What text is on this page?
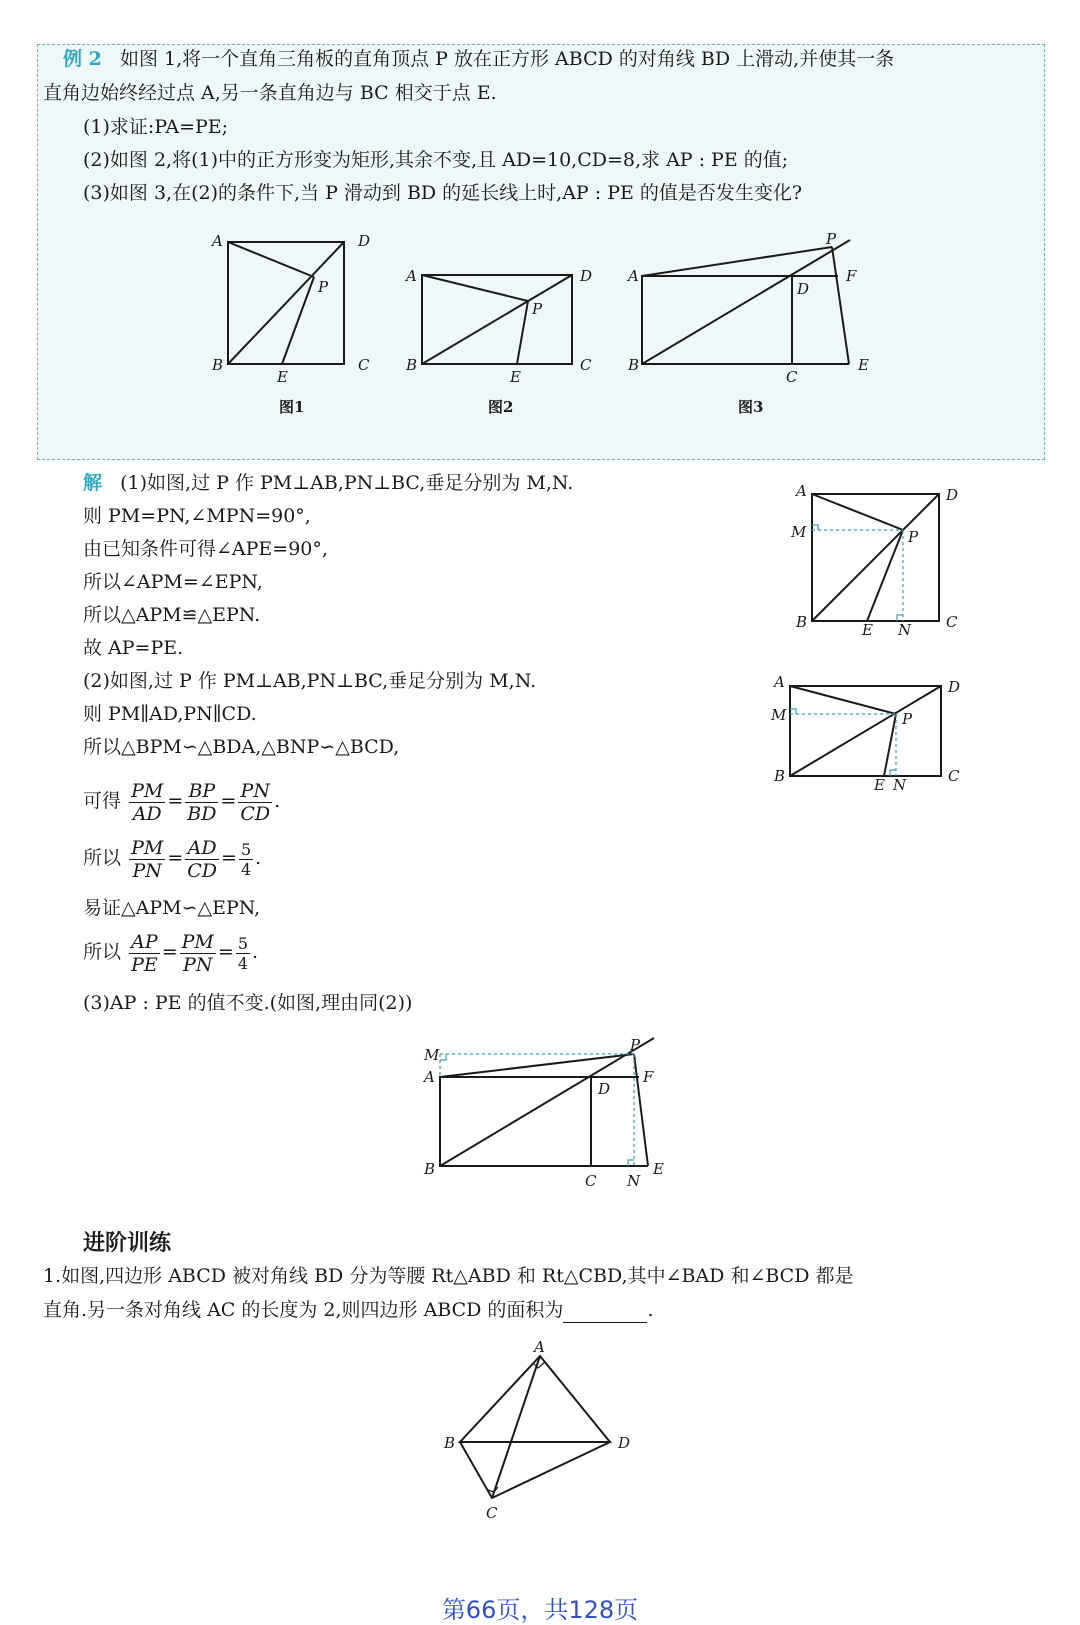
例 2 如图 1,将一个直角三角板的直角顶点 P 放在正方形 ABCD 的对角线 BD 上滑动,并使其一条
直角边始终经过点 A,另一条直角边与 BC 相交于点 E.
(1)求证:PA=PE;
(2)如图 2,将(1)中的正方形变为矩形,其余不变,且 AD=10,CD=8,求 AP : PE 的值;
(3)如图 3,在(2)的条件下,当 P 滑动到 BD 的延长线上时,AP : PE 的值是否发生变化?
A	D
P
B
E
C
A	D
P
B
E
C
A
D
P
F
B
C
E
图1	图2	图3
解 (1)如图,过 P 作 PM⊥AB,PN⊥BC,垂足分别为 M,N.
则 PM=PN,∠MPN=90°,
由已知条件可得∠APE=90°,
所以∠APM=∠EPN,
所以△APM≌△EPN.
故 AP=PE.
(2)如图,过 P 作 PM⊥AB,PN⊥BC,垂足分别为 M,N.
则 PM∥AD,PN∥CD.
所以△BPM∽△BDA,△BNP∽△BCD,
可得 $\frac{PM}{AD} = \frac{BP}{BD} = \frac{PN}{CD}$ .
所以 $\frac{PM}{PN} = \frac{AD}{CD} = \frac{5}{4}$ .
易证△APM∽△EPN,
所以 $\frac{AP}{PE} = \frac{PM}{PN} = \frac{5}{4}$ .
(3)AP : PE 的值不变.(如图,理由同(2))
A	D
M	P
B	E N C
A	D
M	P
B	E N	C
M
A
P
D
F
B
C N
E
进阶训练
1.如图,四边形 ABCD 被对角线 BD 分为等腰 Rt△ABD 和 Rt△CBD,其中∠BAD 和∠BCD 都是
直角.另一条对角线 AC 的长度为 2,则四边形 ABCD 的面积为	.
A
B	D
C
第66页，共128页
